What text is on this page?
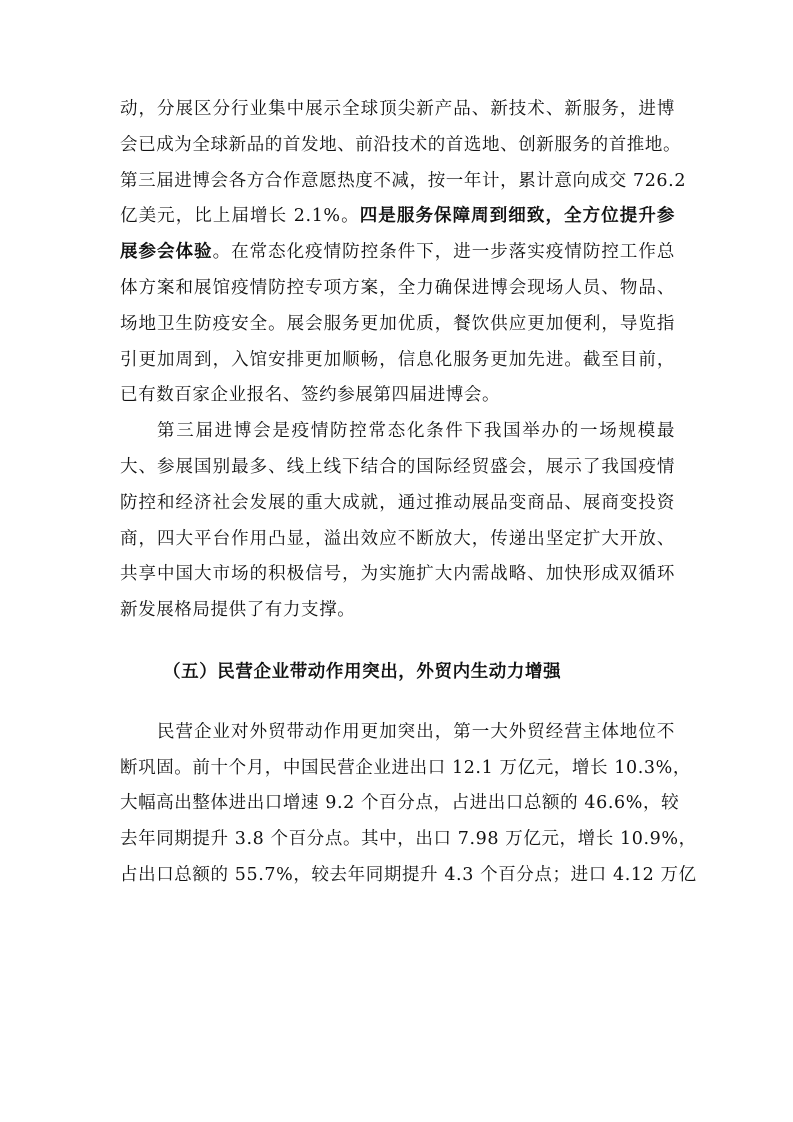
动，分展区分行业集中展示全球顶尖新产品、新技术、新服务，进博
会已成为全球新品的首发地、前沿技术的首选地、创新服务的首推地。
第三届进博会各方合作意愿热度不减，按一年计，累计意向成交 726.2
亿美元，比上届增长 2.1%。四是服务保障周到细致，全方位提升参
展参会体验。在常态化疫情防控条件下，进一步落实疫情防控工作总
体方案和展馆疫情防控专项方案，全力确保进博会现场人员、物品、
场地卫生防疫安全。展会服务更加优质，餐饮供应更加便利，导览指
引更加周到，入馆安排更加顺畅，信息化服务更加先进。截至目前，
已有数百家企业报名、签约参展第四届进博会。
第三届进博会是疫情防控常态化条件下我国举办的一场规模最
大、参展国别最多、线上线下结合的国际经贸盛会，展示了我国疫情
防控和经济社会发展的重大成就，通过推动展品变商品、展商变投资
商，四大平台作用凸显，溢出效应不断放大，传递出坚定扩大开放、
共享中国大市场的积极信号，为实施扩大内需战略、加快形成双循环
新发展格局提供了有力支撑。
（五）民营企业带动作用突出，外贸内生动力增强
民营企业对外贸带动作用更加突出，第一大外贸经营主体地位不
断巩固。前十个月，中国民营企业进出口 12.1 万亿元，增长 10.3%，
大幅高出整体进出口增速 9.2 个百分点，占进出口总额的 46.6%，较
去年同期提升 3.8 个百分点。其中，出口 7.98 万亿元，增长 10.9%，
占出口总额的 55.7%，较去年同期提升 4.3 个百分点；进口 4.12 万亿
